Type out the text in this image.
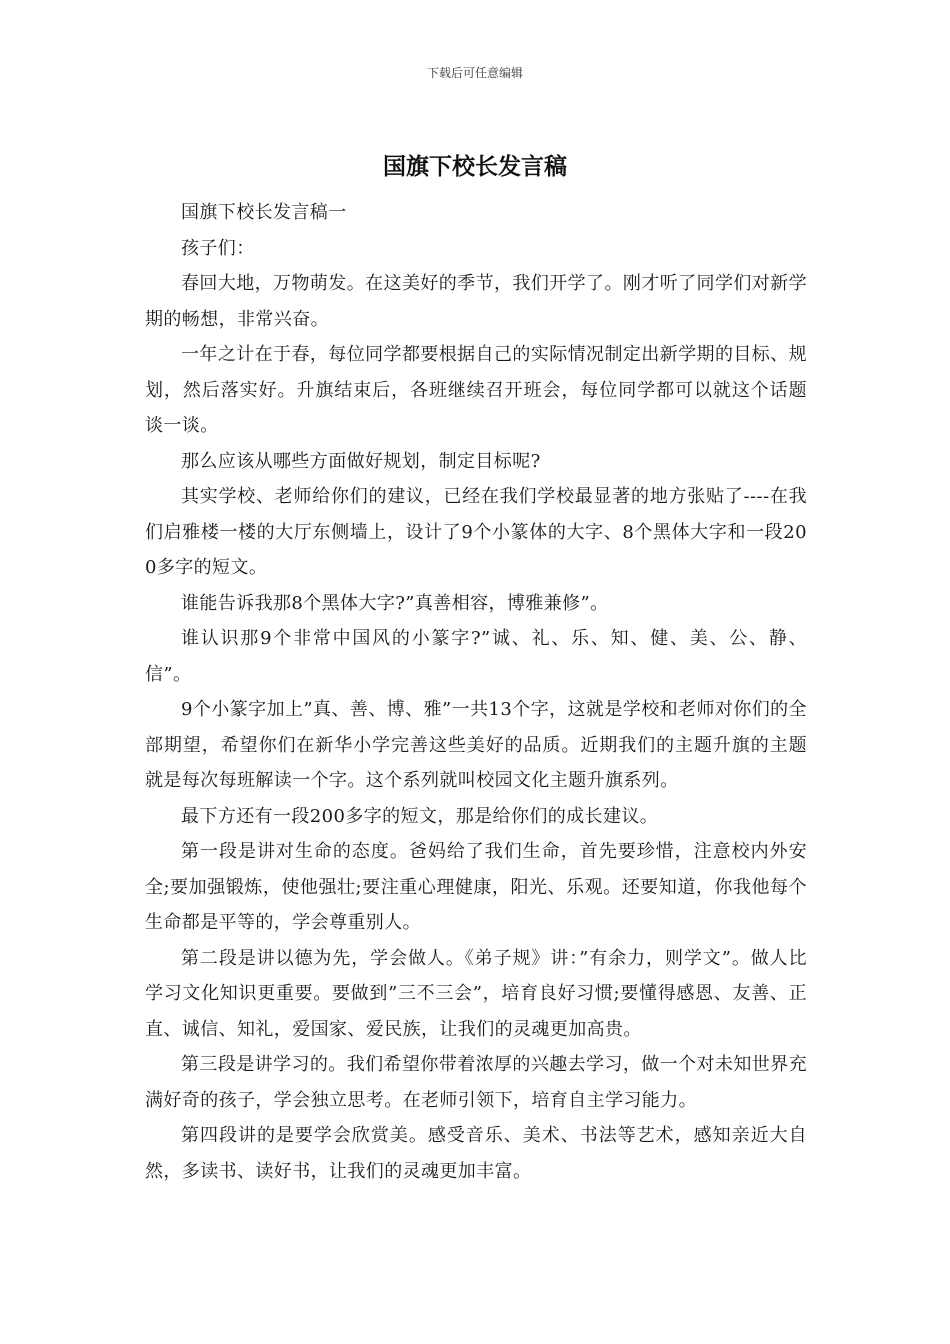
下载后可任意编辑
国旗下校长发言稿

国旗下校长发言稿一

孩子们：

春回大地，万物萌发。在这美好的季节，我们开学了。刚才听了同学们对新学期的畅想，非常兴奋。

一年之计在于春，每位同学都要根据自己的实际情况制定出新学期的目标、规划，然后落实好。升旗结束后，各班继续召开班会，每位同学都可以就这个话题谈一谈。

那么应该从哪些方面做好规划，制定目标呢?

其实学校、老师给你们的建议，已经在我们学校最显著的地方张贴了----在我们启雅楼一楼的大厅东侧墙上，设计了9个小篆体的大字、8个黑体大字和一段200多字的短文。

谁能告诉我那8个黑体大字?”真善相容，博雅兼修”。

谁认识那9个非常中国风的小篆字?”诚、礼、乐、知、健、美、公、静、信”。

9个小篆字加上”真、善、博、雅”一共13个字，这就是学校和老师对你们的全部期望，希望你们在新华小学完善这些美好的品质。近期我们的主题升旗的主题就是每次每班解读一个字。这个系列就叫校园文化主题升旗系列。

最下方还有一段200多字的短文，那是给你们的成长建议。

第一段是讲对生命的态度。爸妈给了我们生命，首先要珍惜，注意校内外安全;要加强锻炼，使他强壮;要注重心理健康，阳光、乐观。还要知道，你我他每个生命都是平等的，学会尊重别人。

第二段是讲以德为先，学会做人。《弟子规》讲：”有余力，则学文”。做人比学习文化知识更重要。要做到”三不三会”，培育良好习惯;要懂得感恩、友善、正直、诚信、知礼，爱国家、爱民族，让我们的灵魂更加高贵。

第三段是讲学习的。我们希望你带着浓厚的兴趣去学习，做一个对未知世界充满好奇的孩子，学会独立思考。在老师引领下，培育自主学习能力。

第四段讲的是要学会欣赏美。感受音乐、美术、书法等艺术，感知亲近大自然，多读书、读好书，让我们的灵魂更加丰富。
